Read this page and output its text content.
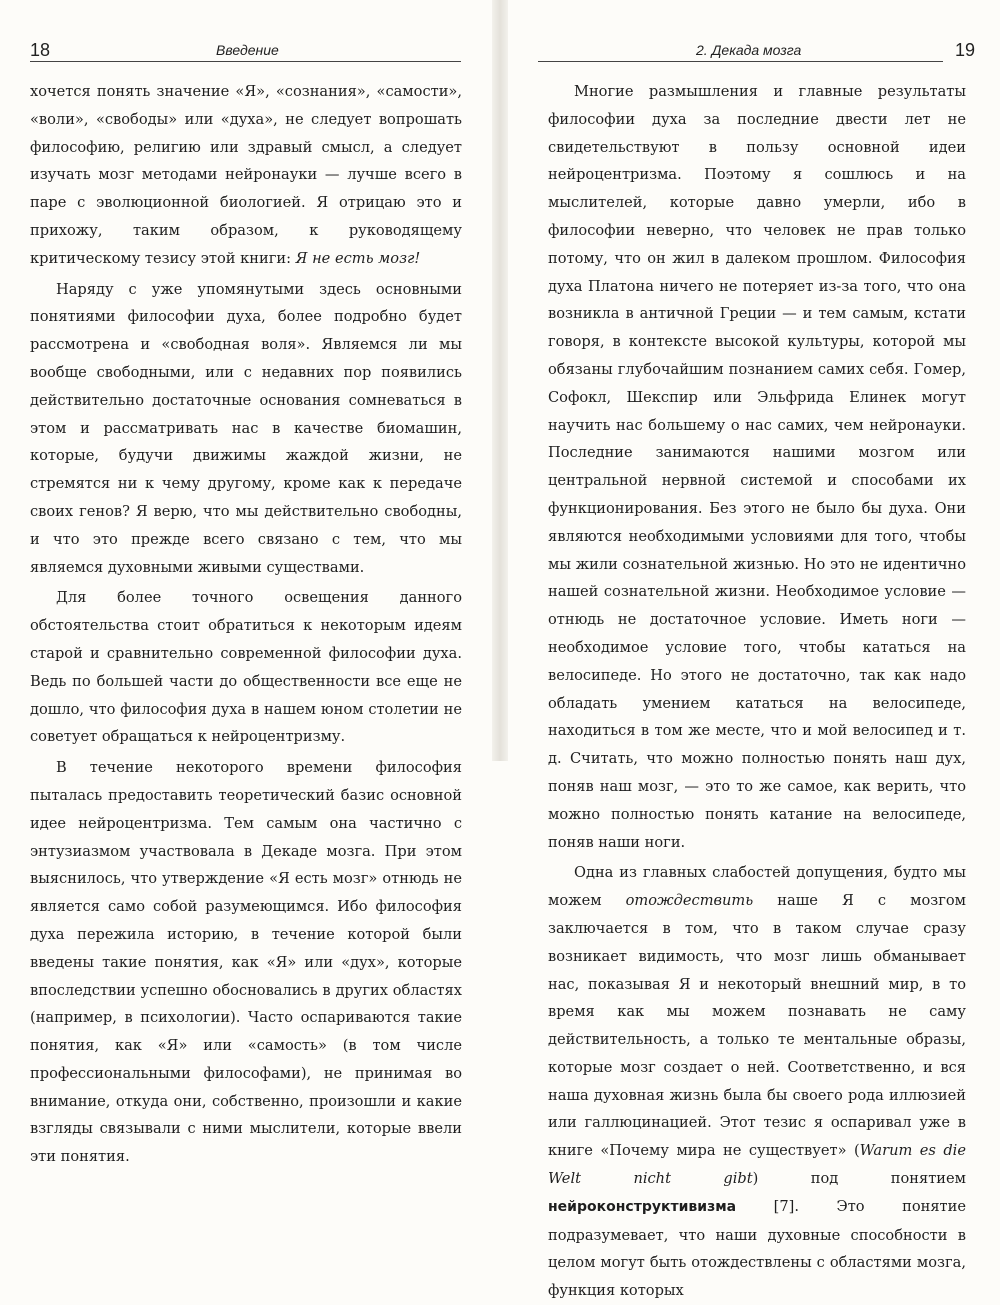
18	Введение

хочется понять значение «Я», «сознания», «самости», «воли», «свободы» или «духа», не следует вопрошать философию, религию или здравый смысл, а следует изучать мозг методами нейронауки — лучше всего в паре с эволюционной биологией. Я отрицаю это и прихожу, таким образом, к руководящему критическому тезису этой книги: Я не есть мозг!

Наряду с уже упомянутыми здесь основными понятиями философии духа, более подробно будет рассмотрена и «свободная воля». Являемся ли мы вообще свободными, или с недавних пор появились действительно достаточные основания сомневаться в этом и рассматривать нас в качестве биомашин, которые, будучи движимы жаждой жизни, не стремятся ни к чему другому, кроме как к передаче своих генов? Я верю, что мы действительно свободны, и что это прежде всего связано с тем, что мы являемся духовными живыми существами.

Для более точного освещения данного обстоятельства стоит обратиться к некоторым идеям старой и сравнительно современной философии духа. Ведь по большей части до общественности все еще не дошло, что философия духа в нашем юном столетии не советует обращаться к нейроцентризму.

В течение некоторого времени философия пыталась предоставить теоретический базис основной идее нейроцентризма. Тем самым она частично с энтузиазмом участвовала в Декаде мозга. При этом выяснилось, что утверждение «Я есть мозг» отнюдь не является само собой разумеющимся. Ибо философия духа пережила историю, в течение которой были введены такие понятия, как «Я» или «дух», которые впоследствии успешно обосновались в других областях (например, в психологии). Часто оспариваются такие понятия, как «Я» или «самость» (в том числе профессиональными философами), не принимая во внимание, откуда они, собственно, произошли и какие взгляды связывали с ними мыслители, которые ввели эти понятия.

2. Декада мозга	19

Многие размышления и главные результаты философии духа за последние двести лет не свидетельствуют в пользу основной идеи нейроцентризма. Поэтому я сошлюсь и на мыслителей, которые давно умерли, ибо в философии неверно, что человек не прав только потому, что он жил в далеком прошлом. Философия духа Платона ничего не потеряет из-за того, что она возникла в античной Греции — и тем самым, кстати говоря, в контексте высокой культуры, которой мы обязаны глубочайшим познанием самих себя. Гомер, Софокл, Шекспир или Эльфрида Елинек могут научить нас большему о нас самих, чем нейронауки. Последние занимаются нашими мозгом или центральной нервной системой и способами их функционирования. Без этого не было бы духа. Они являются необходимыми условиями для того, чтобы мы жили сознательной жизнью. Но это не идентично нашей сознательной жизни. Необходимое условие — отнюдь не достаточное условие. Иметь ноги — необходимое условие того, чтобы кататься на велосипеде. Но этого не достаточно, так как надо обладать умением кататься на велосипеде, находиться в том же месте, что и мой велосипед и т. д. Считать, что можно полностью понять наш дух, поняв наш мозг, — это то же самое, как верить, что можно полностью понять катание на велосипеде, поняв наши ноги.

Одна из главных слабостей допущения, будто мы можем отождествить наше Я с мозгом заключается в том, что в таком случае сразу возникает видимость, что мозг лишь обманывает нас, показывая Я и некоторый внешний мир, в то время как мы можем познавать не саму действительность, а только те ментальные образы, которые мозг создает о ней. Соответственно, и вся наша духовная жизнь была бы своего рода иллюзией или галлюцинацией. Этот тезис я оспаривал уже в книге «Почему мира не существует» (Warum es die Welt nicht gibt) под понятием нейроконструктивизма [7]. Это понятие подразумевает, что наши духовные способности в целом могут быть отождествлены с областями мозга, функция которых
